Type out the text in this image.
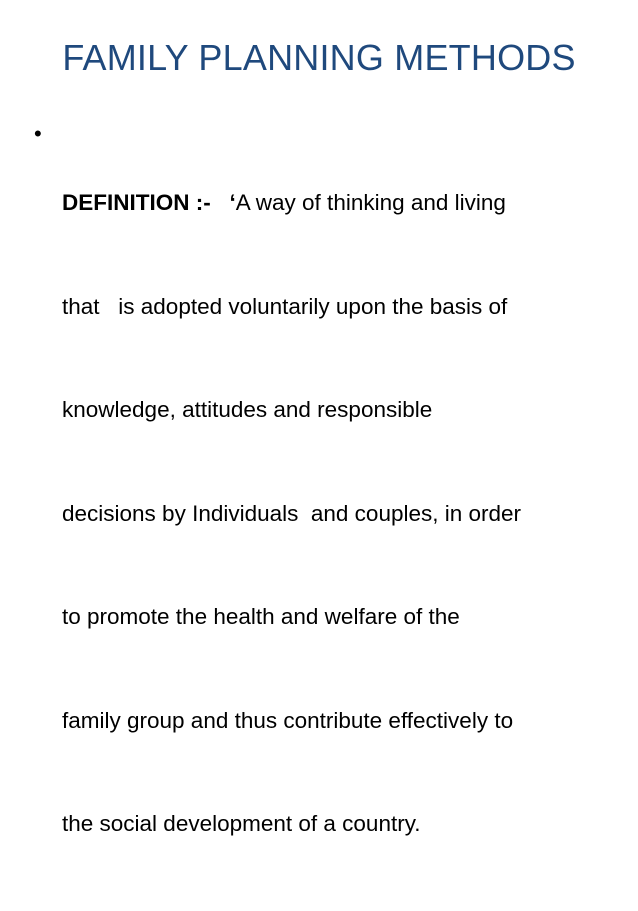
FAMILY PLANNING METHODS
•

DEFINITION :-   ‘A way of thinking and living

that   is adopted voluntarily upon the basis of

knowledge, attitudes and responsible

decisions by Individuals  and couples, in order

to promote the health and welfare of the

family group and thus contribute effectively to

the social development of a country.
